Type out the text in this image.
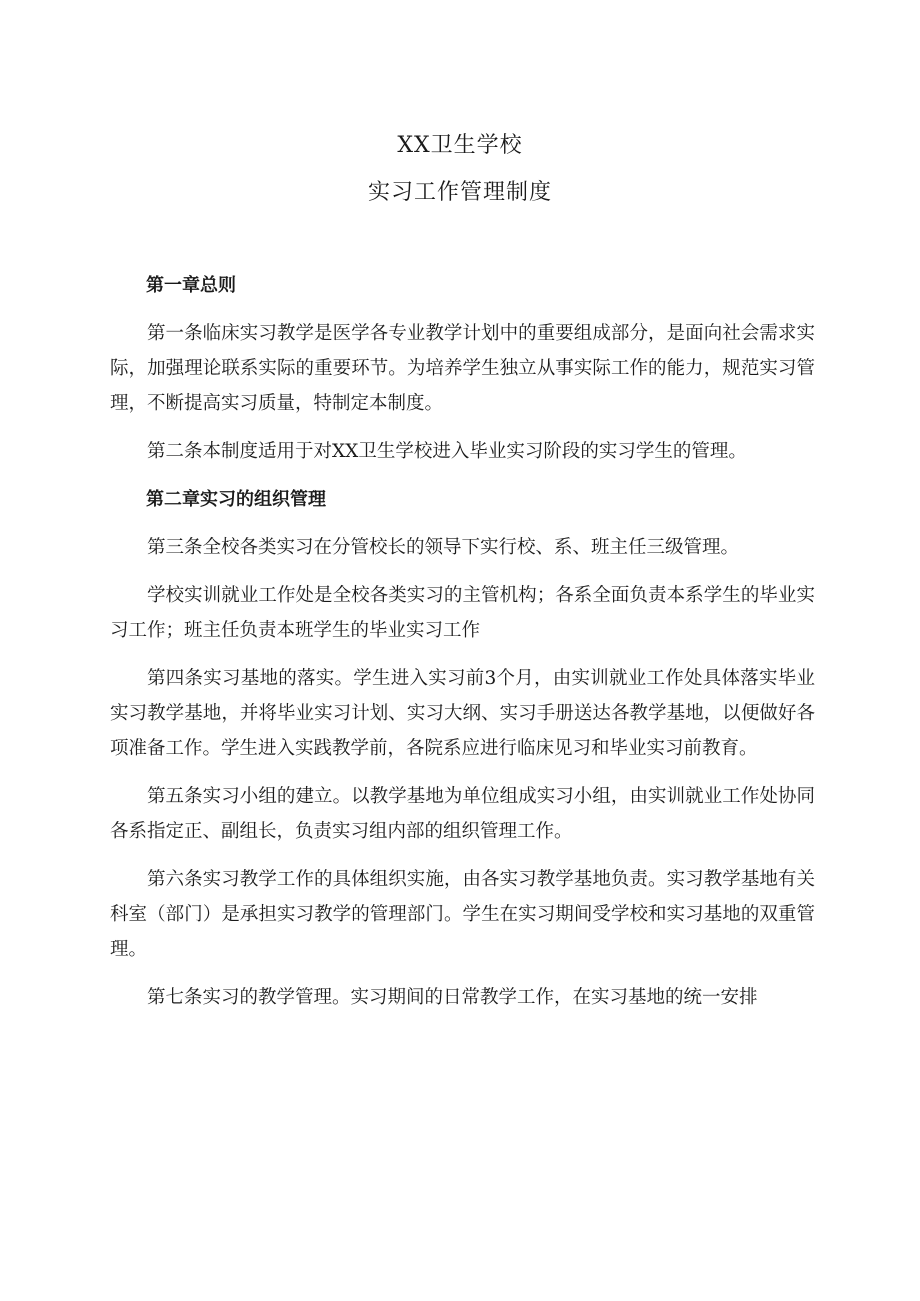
XX卫生学校
实习工作管理制度

第一章总则

第一条临床实习教学是医学各专业教学计划中的重要组成部分，是面向社会需求实际，加强理论联系实际的重要环节。为培养学生独立从事实际工作的能力，规范实习管理，不断提高实习质量，特制定本制度。

第二条本制度适用于对XX卫生学校进入毕业实习阶段的实习学生的管理。

第二章实习的组织管理

第三条全校各类实习在分管校长的领导下实行校、系、班主任三级管理。

学校实训就业工作处是全校各类实习的主管机构；各系全面负责本系学生的毕业实习工作；班主任负责本班学生的毕业实习工作

第四条实习基地的落实。学生进入实习前3个月，由实训就业工作处具体落实毕业实习教学基地，并将毕业实习计划、实习大纲、实习手册送达各教学基地，以便做好各项准备工作。学生进入实践教学前，各院系应进行临床见习和毕业实习前教育。

第五条实习小组的建立。以教学基地为单位组成实习小组，由实训就业工作处协同各系指定正、副组长，负责实习组内部的组织管理工作。

第六条实习教学工作的具体组织实施，由各实习教学基地负责。实习教学基地有关科室（部门）是承担实习教学的管理部门。学生在实习期间受学校和实习基地的双重管理。

第七条实习的教学管理。实习期间的日常教学工作，在实习基地的统一安排
